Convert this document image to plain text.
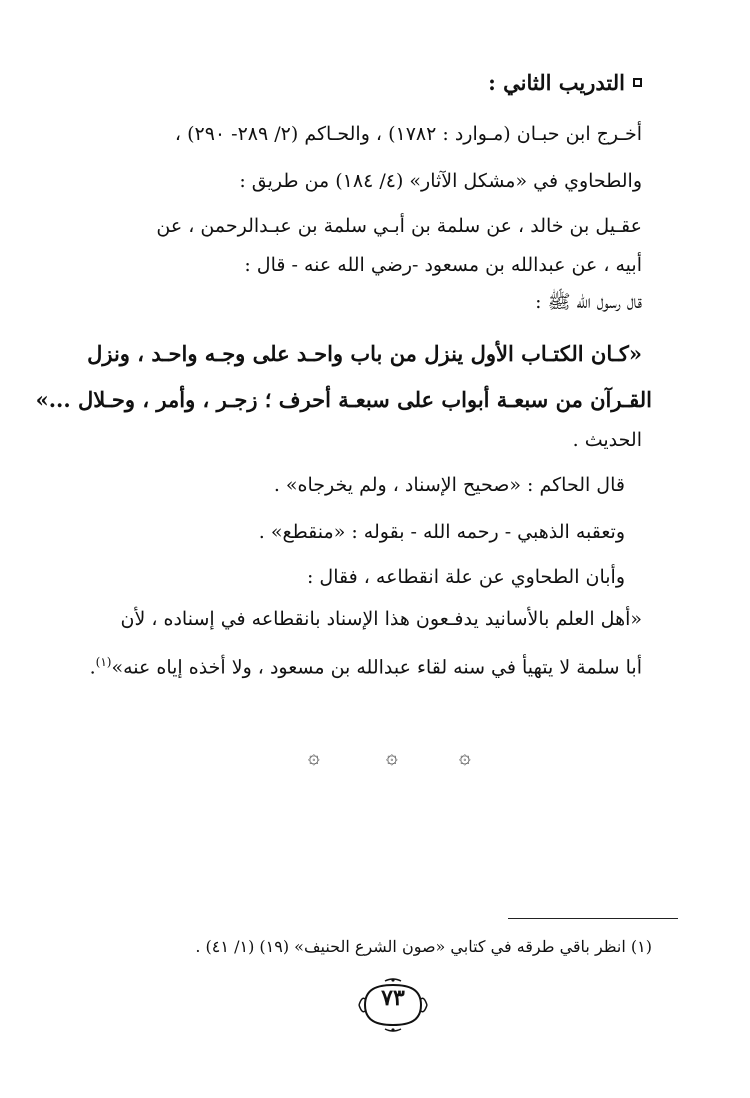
التدريب الثاني :
أخـرج ابن حبـان (مـوارد : ١٧٨٢) ، والحـاكم (٢/ ٢٨٩- ٢٩٠) ،
والطحاوي في «مشكل الآثار» (٤/ ١٨٤) من طريق :
عقـيل بن خالد ، عن سلمة بن أبـي سلمة بن عبـدالرحمن ، عن
أبيه ، عن عبدالله بن مسعود -رضي الله عنه - قال :
قال رسول الله ﷺ :
«كـان الكتـاب الأول ينزل من باب واحـد على وجـه واحـد ، ونزل
القـرآن من سبعـة أبواب على سبعـة أحرف ؛ زجـر ، وأمر ، وحـلال ...»
الحديث .
قال الحاكم : «صحيح الإسناد ، ولم يخرجاه» .
وتعقبه الذهبي - رحمه الله - بقوله : «منقطع» .
وأبان الطحاوي عن علة انقطاعه ، فقال :
«أهل العلم بالأسانيد يدفـعون هذا الإسناد بانقطاعه في إسناده ، لأن
أبا سلمة لا يتهيأ في سنه لقاء عبدالله بن مسعود ، ولا أخذه إياه عنه»$^{(١)}$.
۞	۞	۞
(١) انظر باقي طرقه في كتابي «صون الشرع الحنيف» (١٩) (١/ ٤١) .
٧٣
